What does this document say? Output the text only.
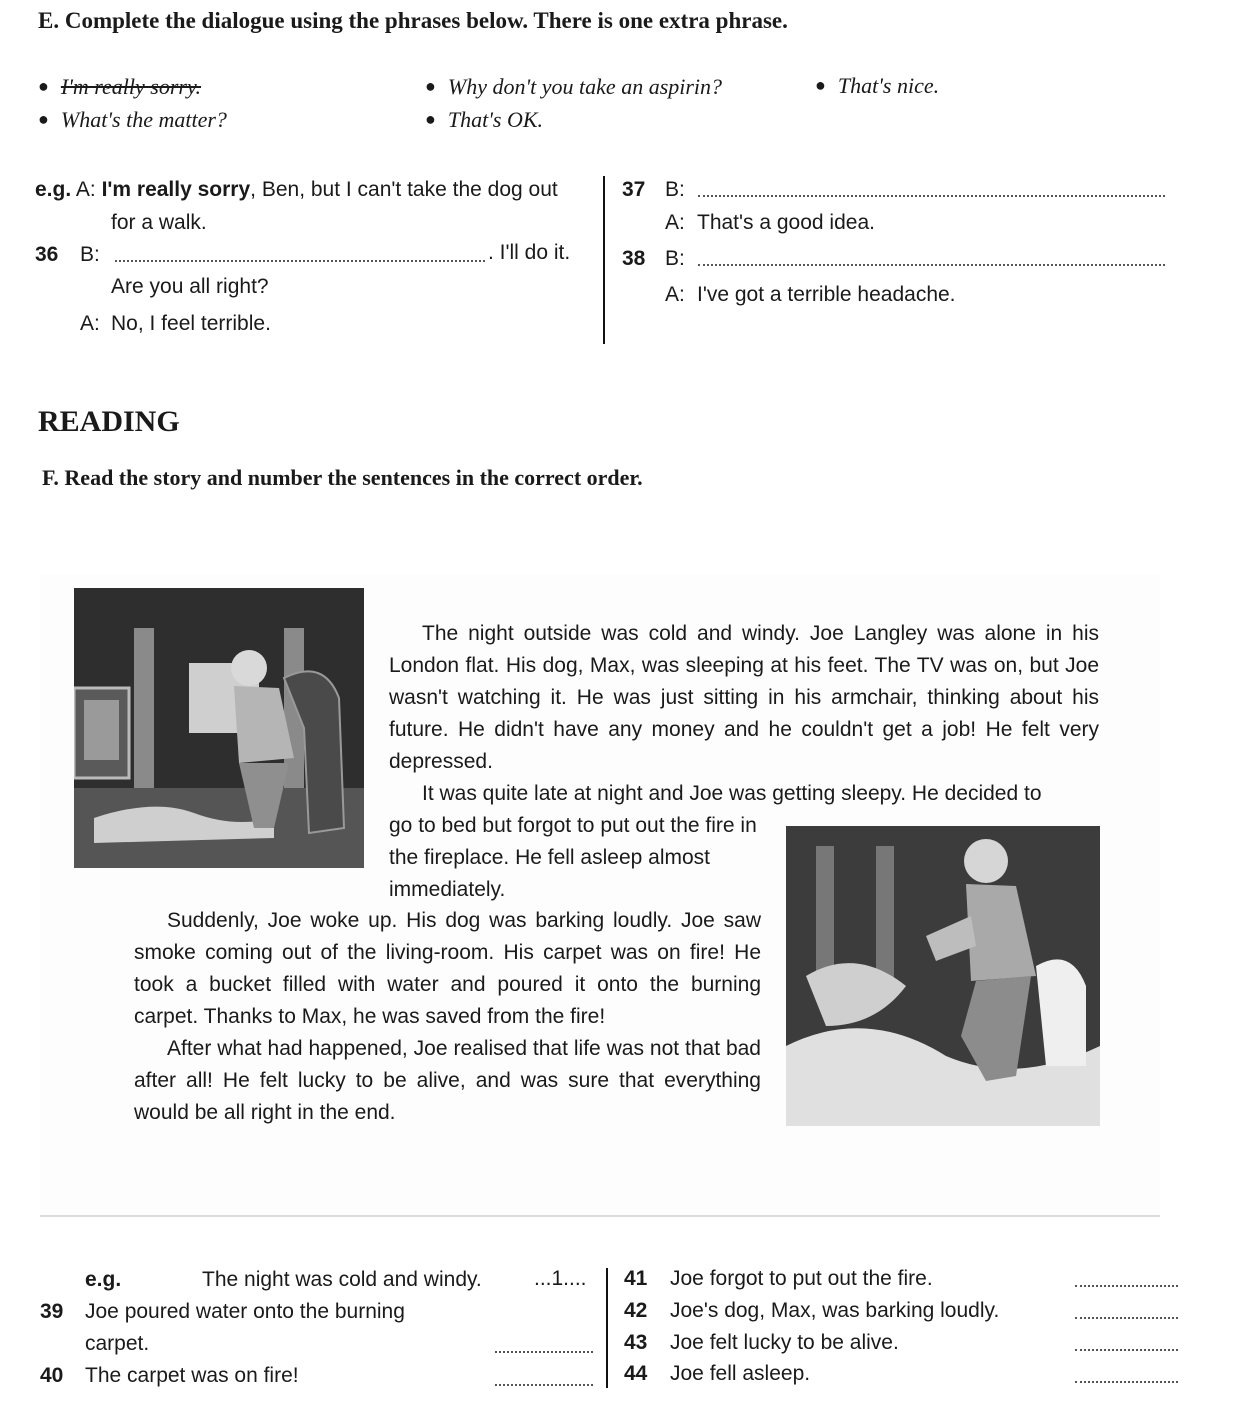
E. Complete the dialogue using the phrases below. There is one extra phrase.
● I'm really sorry.
● What's the matter?
● Why don't you take an aspirin?
● That's OK.
● That's nice.
e.g. A: I'm really sorry, Ben, but I can't take the dog out
for a walk.
36 B:	. I'll do it.
Are you all right?
A: No, I feel terrible.
37 B:
A: That's a good idea.
38 B:
A: I've got a terrible headache.
READING
F. Read the story and number the sentences in the correct order.

The night outside was cold and windy. Joe Langley was alone in his London flat. His dog, Max, was sleeping at his feet. The TV was on, but Joe wasn't watching it. He was just sitting in his armchair, thinking about his future. He didn't have any money and he couldn't get a job! He felt very depressed.

It was quite late at night and Joe was getting sleepy. He decided to

go to bed but forgot to put out the fire in the fireplace. He fell asleep almost immediately.

Suddenly, Joe woke up. His dog was barking loudly. Joe saw smoke coming out of the living-room. His carpet was on fire! He took a bucket filled with water and poured it onto the burning carpet. Thanks to Max, he was saved from the fire!

After what had happened, Joe realised that life was not that bad after all! He felt lucky to be alive, and was sure that everything would be all right in the end.

e.g.	The night was cold and windy. ...1....
39 Joe poured water onto the burning
carpet.
40 The carpet was on fire!
41 Joe forgot to put out the fire.
42 Joe's dog, Max, was barking loudly.
43 Joe felt lucky to be alive.
44 Joe fell asleep.
